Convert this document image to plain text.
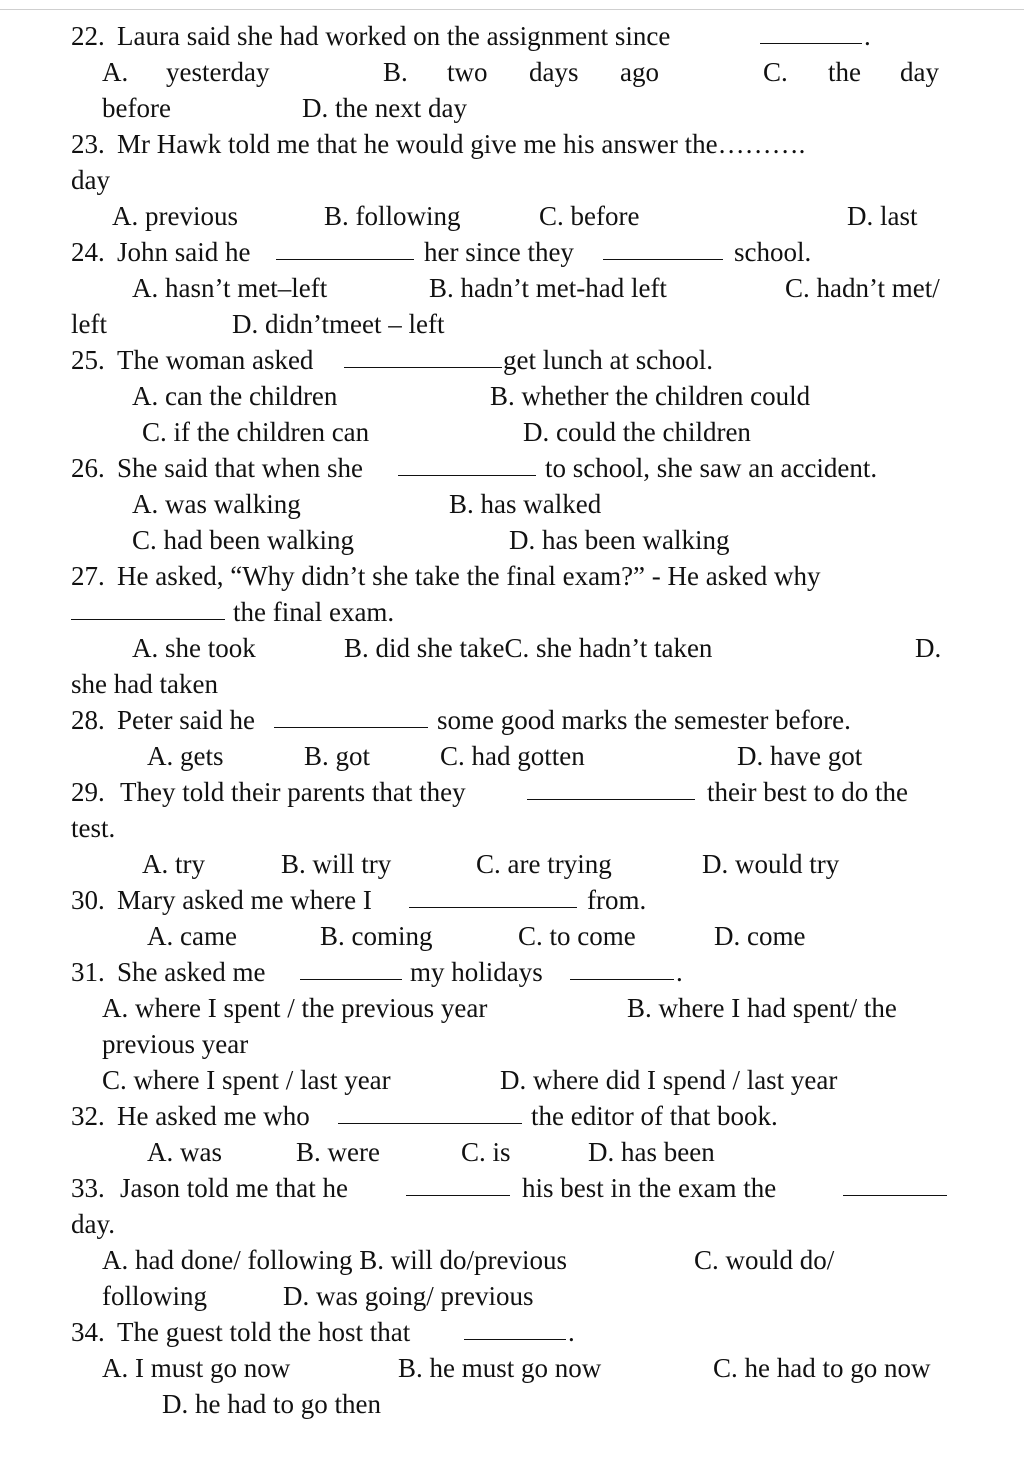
22. Laura said she had worked on the assignment since	.
A. yesterday	B. two days ago	C. the day
before	D. the next day
23. Mr Hawk told me that he would give me his answer the……….
day
A. previous	B. following	C. before	D. last
24. John said he	her since they	school.
A. hasn’t met–left	B. hadn’t met-had left	C. hadn’t met/
left	D. didn’tmeet – left
25. The woman asked	get lunch at school.
A. can the children	B. whether the children could
C. if the children can	D. could the children
26. She said that when she	to school, she saw an accident.
A. was walking	B. has walked
C. had been walking	D. has been walking
27. He asked, “Why didn’t she take the final exam?” - He asked why
the final exam.
A. she took	B. did she takeC. she hadn’t taken	D.
she had taken
28. Peter said he	some good marks the semester before.
A. gets	B. got	C. had gotten	D. have got
29. They told their parents that they	their best to do the
test.
A. try	B. will try	C. are trying	D. would try
30. Mary asked me where I	from.
A. came	B. coming	C. to come	D. come
31. She asked me	my holidays	.
A. where I spent / the previous year	B. where I had spent/ the
previous year
C. where I spent / last year	D. where did I spend / last year
32. He asked me who	the editor of that book.
A. was	B. were	C. is	D. has been
33. Jason told me that he	his best in the exam the
day.
A. had done/ following B. will do/previous	C. would do/
following	D. was going/ previous
34. The guest told the host that	.
A. I must go now	B. he must go now	C. he had to go now
D. he had to go then
